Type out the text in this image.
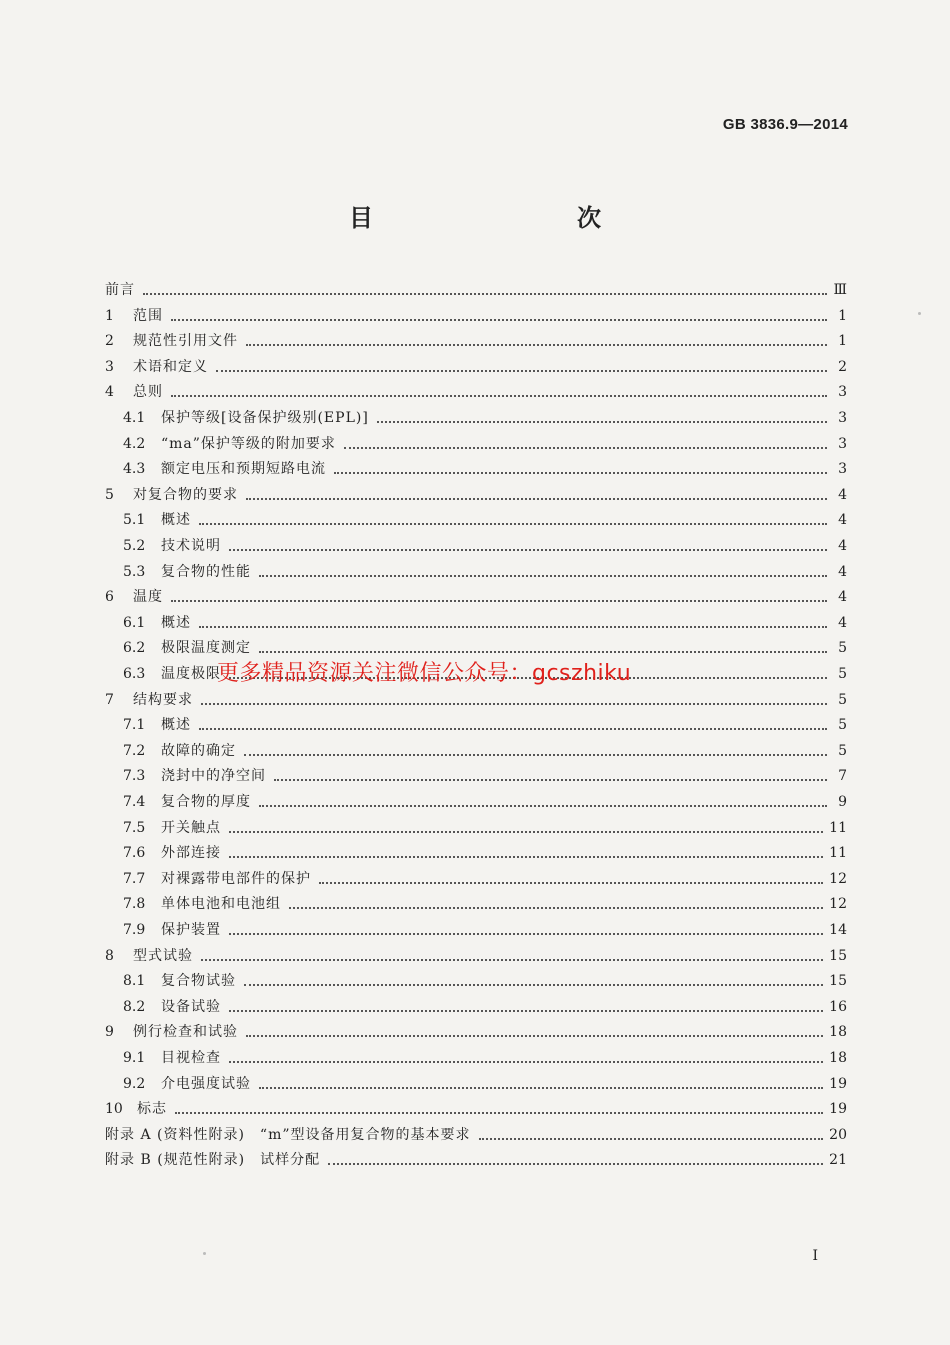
GB 3836.9—2014
目　　次
前言	Ⅲ
1	范围	1
2	规范性引用文件	1
3	术语和定义	2
4	总则	3
4.1	保护等级[设备保护级别(EPL)]	3
4.2	“ma”保护等级的附加要求	3
4.3	额定电压和预期短路电流	3
5	对复合物的要求	4
5.1	概述	4
5.2	技术说明	4
5.3	复合物的性能	4
6	温度	4
6.1	概述	4
6.2	极限温度测定	5
6.3	温度极限	5
7	结构要求	5
7.1	概述	5
7.2	故障的确定	5
7.3	浇封中的净空间	7
7.4	复合物的厚度	9
7.5	开关触点	11
7.6	外部连接	11
7.7	对裸露带电部件的保护	12
7.8	单体电池和电池组	12
7.9	保护装置	14
8	型式试验	15
8.1	复合物试验	15
8.2	设备试验	16
9	例行检查和试验	18
9.1	目视检查	18
9.2	介电强度试验	19
10	标志	19
附录 A (资料性附录)　“m”型设备用复合物的基本要求	20
附录 B (规范性附录)　试样分配	21
更多精品资源关注微信公众号：gcszhiku
I
